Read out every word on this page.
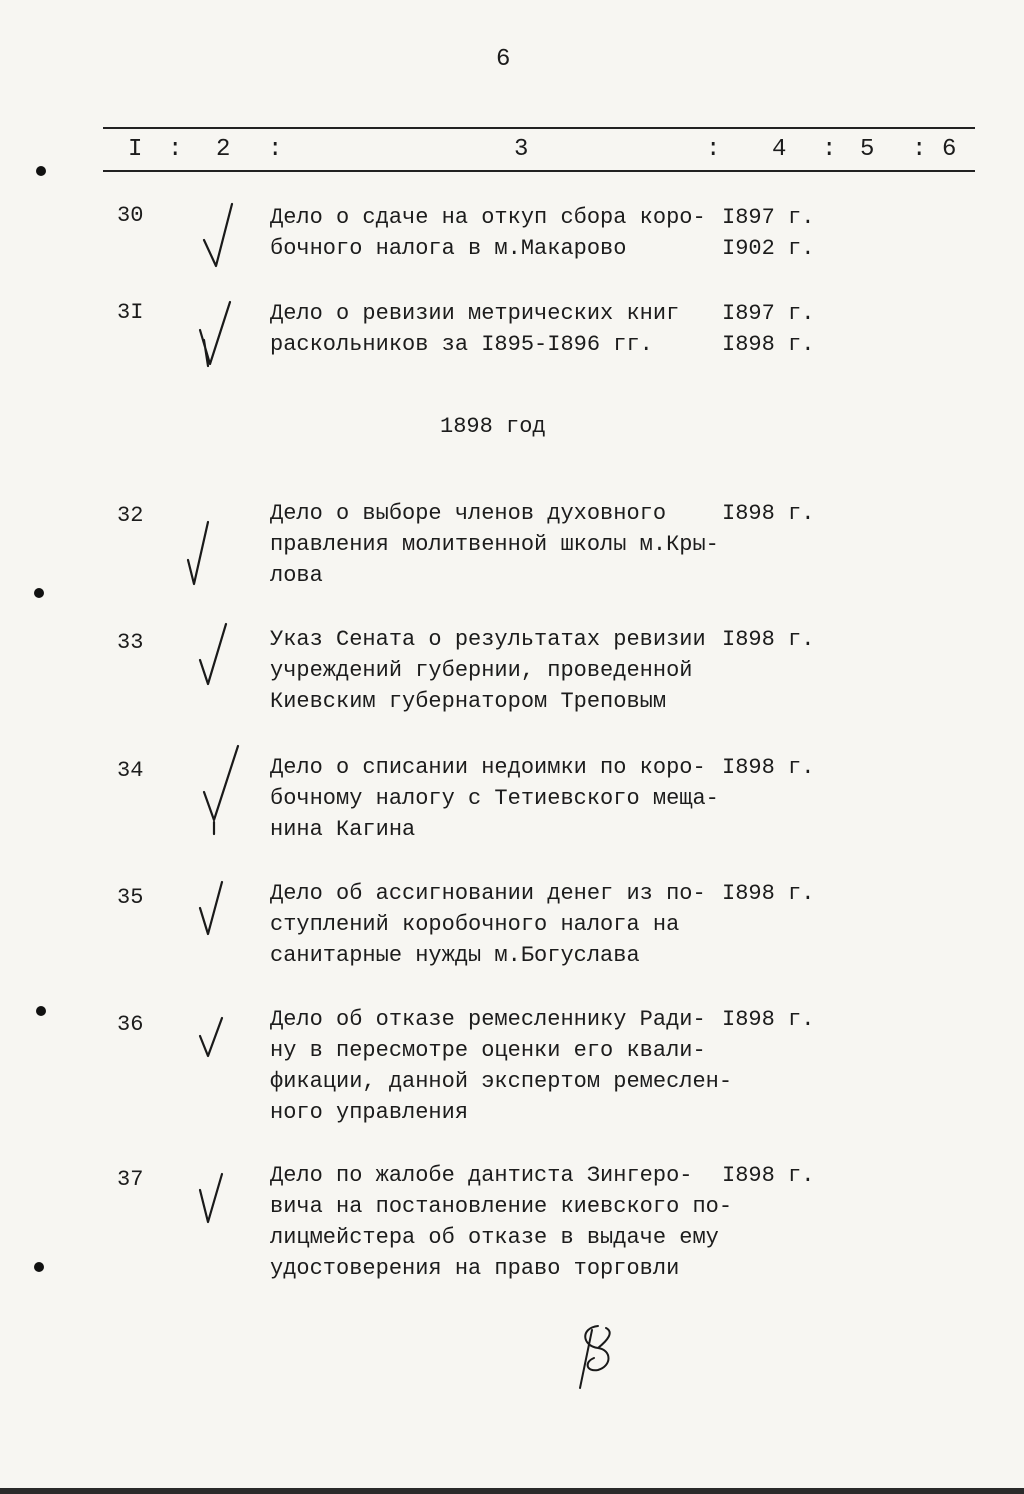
6
I : 2 :	3	: 4 : 5 : 6
30	Дело о сдаче на откуп сбора коро-
бочного налога в м.Макарово
I897 г.
I902 г.
3I	Дело о ревизии метрических книг
раскольников за I895-I896 гг.
I897 г.
I898 г.
1898 год
32	Дело о выборе членов духовного
правления молитвенной школы м.Кры-
лова
I898 г.
33	Указ Сената о результатах ревизии
учреждений губернии, проведенной
Киевским губернатором Треповым
I898 г.
34	Дело о списании недоимки по коро-
бочному налогу с Тетиевского меща-
нина Кагина
I898 г.
35	Дело об ассигновании денег из по-
ступлений коробочного налога на
санитарные нужды м.Богуслава
I898 г.
36	Дело об отказе ремесленнику Ради-
ну в пересмотре оценки его квали-
фикации, данной экспертом ремеслен-
ного управления
I898 г.
37	Дело по жалобе дантиста Зингеро-
вича на постановление киевского по-
лицмейстера об отказе в выдаче ему
удостоверения на право торговли
I898 г.
